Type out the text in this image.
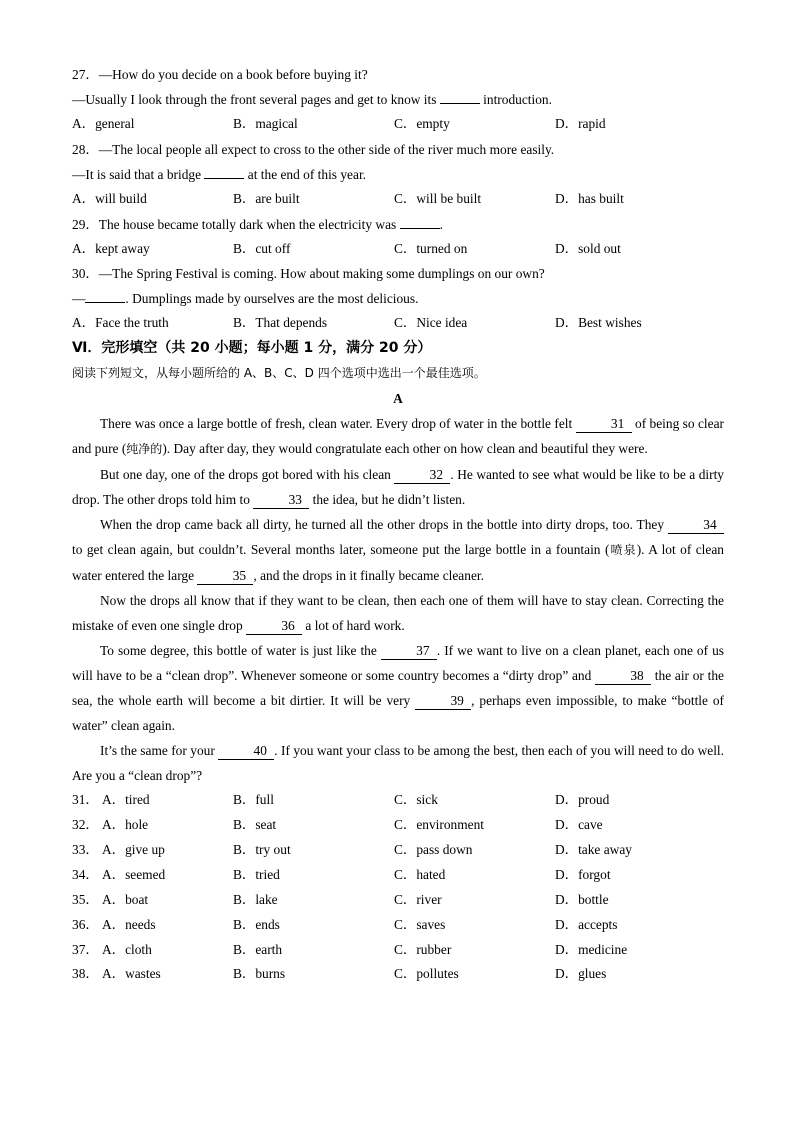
27．—How do you decide on a book before buying it?
—Usually I look through the front several pages and get to know its	introduction.
A．general	B．magical	C．empty	D．rapid
28．—The local people all expect to cross to the other side of the river much more easily.
—It is said that a bridge	at the end of this year.
A．will build	B．are built	C．will be built	D．has built
29．The house became totally dark when the electricity was	.
A．kept away	B．cut off	C．turned on	D．sold out
30．—The Spring Festival is coming. How about making some dumplings on our own?
—	. Dumplings made by ourselves are the most delicious.
A．Face the truth	B．That depends	C．Nice idea	D．Best wishes
Ⅵ．完形填空（共 20 小题；每小题 1 分，满分 20 分）
阅读下列短文，从每小题所给的 A、B、C、D 四个选项中选出一个最佳选项。
A
There was once a large bottle of fresh, clean water. Every drop of water in the bottle felt	31 of being so clear and pure (纯净的). Day after day, they would congratulate each other on how clean and beautiful they were.
But one day, one of the drops got bored with his clean	32 . He wanted to see what would be like to be a dirty drop. The other drops told him to	33 the idea, but he didn’t listen.
When the drop came back all dirty, he turned all the other drops in the bottle into dirty drops, too. They	34 to get clean again, but couldn’t. Several months later, someone put the large bottle in a fountain (喷泉). A lot of clean water entered the large	35 , and the drops in it finally became cleaner.
Now the drops all know that if they want to be clean, then each one of them will have to stay clean. Correcting the mistake of even one single drop	36 a lot of hard work.
To some degree, this bottle of water is just like the	37 . If we want to live on a clean planet, each one of us will have to be a “clean drop”. Whenever someone or some country becomes a “dirty drop” and	38 the air or the sea, the whole earth will become a bit dirtier. It will be very	39 , perhaps even impossible, to make “bottle of water” clean again.
It’s the same for your	40 . If you want your class to be among the best, then each of you will need to do well. Are you a “clean drop”?
31． A．tired	B．full	C．sick	D．proud
32． A．hole	B．seat	C．environment	D．cave
33． A．give up	B．try out	C．pass down	D．take away
34． A．seemed	B．tried	C．hated	D．forgot
35． A．boat	B．lake	C．river	D．bottle
36． A．needs	B．ends	C．saves	D．accepts
37． A．cloth	B．earth	C．rubber	D．medicine
38． A．wastes	B．burns	C．pollutes	D．glues
